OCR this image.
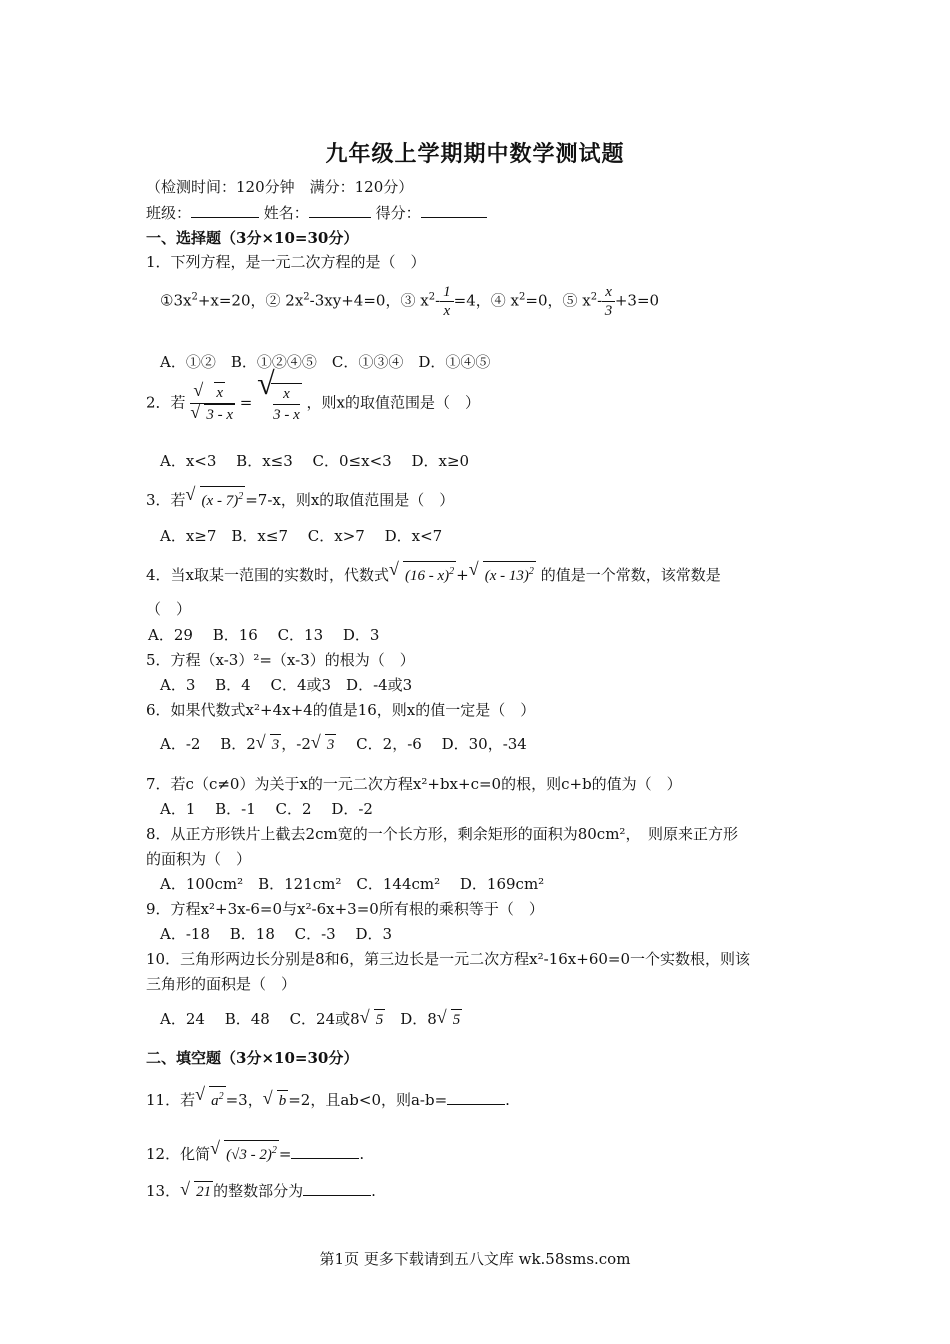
九年级上学期期中数学测试题
（检测时间：120分钟　满分：120分）
班级：	姓名：	得分：
一、选择题（3分×10=30分）
1．下列方程，是一元二次方程的是（　）
$①3x^2+x=20$，② $2x^2-3xy+4=0$，③ $x^2- \frac{1}{x} =4$，④ $x^2=0$，⑤ $x^2- \frac{x}{3} +3=0$
A．①②　B．①②④⑤　C．①③④　D．①④⑤
2．若 $\frac{√ x}{√ 3 - x}$ =
√
$\frac{x}{3 - x}$ ，则x的取值范围是（　）
A．x<3　 B．x≤3　 C．0≤x<3　 D．x≥0
3．若 √ (x - 7)$^2$ =7-x，则x的取值范围是（　）
A．x≥7　B．x≤7　 C．x>7　 D．x<7
4．当x取某一范围的实数时，代数式 √ (16 - x)$^2$ + √ (x - 13)$^2$ 的值是一个常数，该常数是
（　）
A．29　 B．16　 C．13　 D．3
5．方程（x-3）²=（x-3）的根为（　）
A．3　 B．4　 C．4或3　D．-4或3
6．如果代数式x²+4x+4的值是16，则x的值一定是（　）
A．-2　 B．2 √ 3 ，-2 √ 3　 C．2，-6　 D．30，-34
7．若c（c≠0）为关于x的一元二次方程x²+bx+c=0的根，则c+b的值为（　）
A．1　 B．-1　 C．2　 D．-2
8．从正方形铁片上截去2cm宽的一个长方形，剩余矩形的面积为80cm²，　则原来正方形
的面积为（　）
A．100cm²　B．121cm²　C．144cm²　 D．169cm²
9．方程x²+3x-6=0与x²-6x+3=0所有根的乘积等于（　）
A．-18　 B．18　 C．-3　 D．3
10．三角形两边长分别是8和6，第三边长是一元二次方程x²-16x+60=0一个实数根，则该
三角形的面积是（　）
A．24　 B．48　 C．24或8 √ 5　D．8 √ 5
二、填空题（3分×10=30分）
11．若 √ $a^2 =3$， √ b =2，且ab<0，则a-b=	.
12．化简 √ (√3 - 2)$^2$ =	.
13． √ 21 的整数部分为	.
第1页 更多下载请到五八文库 wk.58sms.com
